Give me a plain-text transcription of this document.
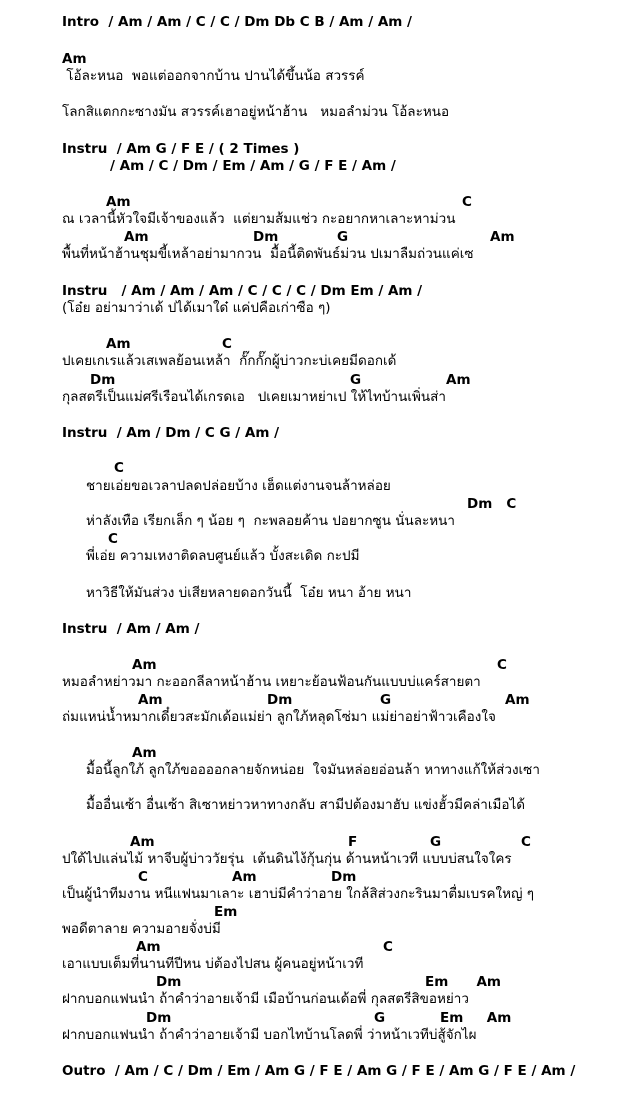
Intro  / Am / Am / C / C / Dm Db C B / Am / Am /
Am
โอ้ละหนอ  พอแต่ออกจากบ้าน ปานได้ขึ้นน้อ สวรรค์
โลกสิแตกกะซางมัน สวรรค์เฮาอยู่หน้าฮ้าน   หมอลำม่วน โอ้ละหนอ
Instru  / Am G / F E / ( 2 Times )
/ Am / C / Dm / Em / Am / G / F E / Am /
Am	C
ณ เวลานี้หัวใจมีเจ้าของแล้ว  แต่ยามส้มแช่ว กะอยากหาเลาะหาม่วน
Am	Dm	G	Am
พื้นที่หน้าฮ้านชุมขี้เหล้าอย่ามากวน  มื้อนี้ติดพันธ์ม่วน ปเมาลืมถ่วนแค่เซ
Instru   / Am / Am / Am / C / C / C / Dm Em / Am /
(โอ๋ย อย่ามาว่าเด้ ปได้เมาใด๋ แค่ปคือเก่าซือ ๆ)
Am	C
ปเคยเกเรแล้วเสเพลย้อนเหล้า  กั๊กกั๊กผู้บ่าวกะบ่เคยมีดอกเด้
Dm	G	Am
กุลสตรีเป็นแม่ศรีเรือนได้เกรดเอ   ปเคยเมาหย่าเป ให้ไทบ้านเพิ่นส่า
Instru  / Am / Dm / C G / Am /
C
ชายเอ่ยขอเวลาปลดปล่อยบ้าง เฮ็ดแต่งานจนล้าหล่อย
Dm   C
ห่าลังเทือ เรียกเล็ก ๆ น้อย ๆ  กะพลอยค้าน ปอยากซูน นั่นละหนา
C
พี่เอ่ย ความเหงาติดลบศูนย์แล้ว บั้งสะเดิด กะปมี
หาวิธีให้มันส่วง บ่เสียหลายดอกวันนี้  โอ๋ย หนา อ้าย หนา
Instru  / Am / Am /
Am	C
หมอลำหย่าวมา กะออกลีลาหน้าฮ้าน เหยาะย้อนฟ้อนกันแบบบ่แคร์สายตา
Am	Dm	G	Am
ถ่มแหน่น้ำหมากเดี๋ยวสะมักเด้อแม่ย่า ลูกใภ้หลุดโซ่มา แม่ย่าอย่าฟ้าวเคืองใจ
Am
มื้อนี้ลูกใภ้ ลูกใภ้ขออออกลายจักหน่อย  ใจมันหล่อยอ่อนล้า หาทางแก้ให้ส่วงเซา
มื้ออื่นเซ้า อื่นเซ้า สิเซาหย่าวหาทางกลับ สามีปต้องมาฮับ แข่งฮั้วมีคล่าเมือได้
Am	F	G	C
ปใด้ไปแล่นไม้ หาจีบผู้บ่าววัยรุ่น  เต้นดินไง้กุ้นกุ่น ด้านหน้าเวที แบบบ่สนใจใคร
C	Am	Dm
เป็นผู้นำทีมงาน หนีแฟนมาเลาะ เฮาบ่มีคำว่าอาย ใกล้สิส่วงกะรินมาตื่มเบรคใหญ่ ๆ
Em
พอดีตาลาย ความอายจั่งบ่มี
Am	C
เอาแบบเต็มที่นานทีปีหน บ่ต้องไปสน ผู้คนอยู่หน้าเวที
Dm	Em      Am
ฝากบอกแฟนนำ ถ้าคำว่าอายเจ้ามี เมือบ้านก่อนเด้อพี่ กุลสตรีสิขอหย่าว
Dm	G	Em     Am
ฝากบอกแฟนนำ ถ้าคำว่าอายเจ้ามี บอกไทบ้านโลดพี่ ว่าหน้าเวทีบ่สู้จักไผ
Outro  / Am / C / Dm / Em / Am G / F E / Am G / F E / Am G / F E / Am /
